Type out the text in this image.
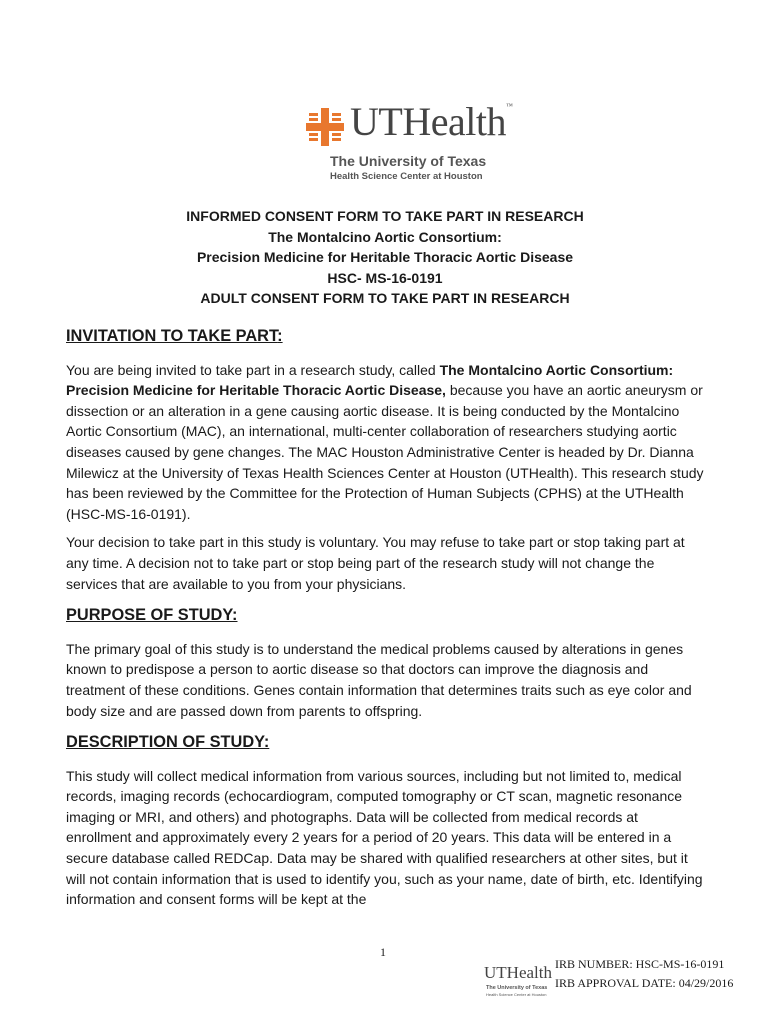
UTHealth™
The University of Texas
Health Science Center at Houston
INFORMED CONSENT FORM TO TAKE PART IN RESEARCH
The Montalcino Aortic Consortium:
Precision Medicine for Heritable Thoracic Aortic Disease
HSC- MS-16-0191
ADULT CONSENT FORM TO TAKE PART IN RESEARCH
INVITATION TO TAKE PART:

You are being invited to take part in a research study, called The Montalcino Aortic Consortium: Precision Medicine for Heritable Thoracic Aortic Disease, because you have an aortic aneurysm or dissection or an alteration in a gene causing aortic disease. It is being conducted by the Montalcino Aortic Consortium (MAC), an international, multi-center collaboration of researchers studying aortic diseases caused by gene changes. The MAC Houston Administrative Center is headed by Dr. Dianna Milewicz at the University of Texas Health Sciences Center at Houston (UTHealth). This research study has been reviewed by the Committee for the Protection of Human Subjects (CPHS) at the UTHealth (HSC-MS-16-0191).

Your decision to take part in this study is voluntary. You may refuse to take part or stop taking part at any time. A decision not to take part or stop being part of the research study will not change the services that are available to you from your physicians.

PURPOSE OF STUDY:

The primary goal of this study is to understand the medical problems caused by alterations in genes known to predispose a person to aortic disease so that doctors can improve the diagnosis and treatment of these conditions. Genes contain information that determines traits such as eye color and body size and are passed down from parents to offspring.

DESCRIPTION OF STUDY:

This study will collect medical information from various sources, including but not limited to, medical records, imaging records (echocardiogram, computed tomography or CT scan, magnetic resonance imaging or MRI, and others) and photographs. Data will be collected from medical records at enrollment and approximately every 2 years for a period of 20 years. This data will be entered in a secure database called REDCap. Data may be shared with qualified researchers at other sites, but it will not contain information that is used to identify you, such as your name, date of birth, etc. Identifying information and consent forms will be kept at the

1
UTHealth
The University of Texas
Health Science Center at Houston
IRB NUMBER: HSC-MS-16-0191
IRB APPROVAL DATE: 04/29/2016
